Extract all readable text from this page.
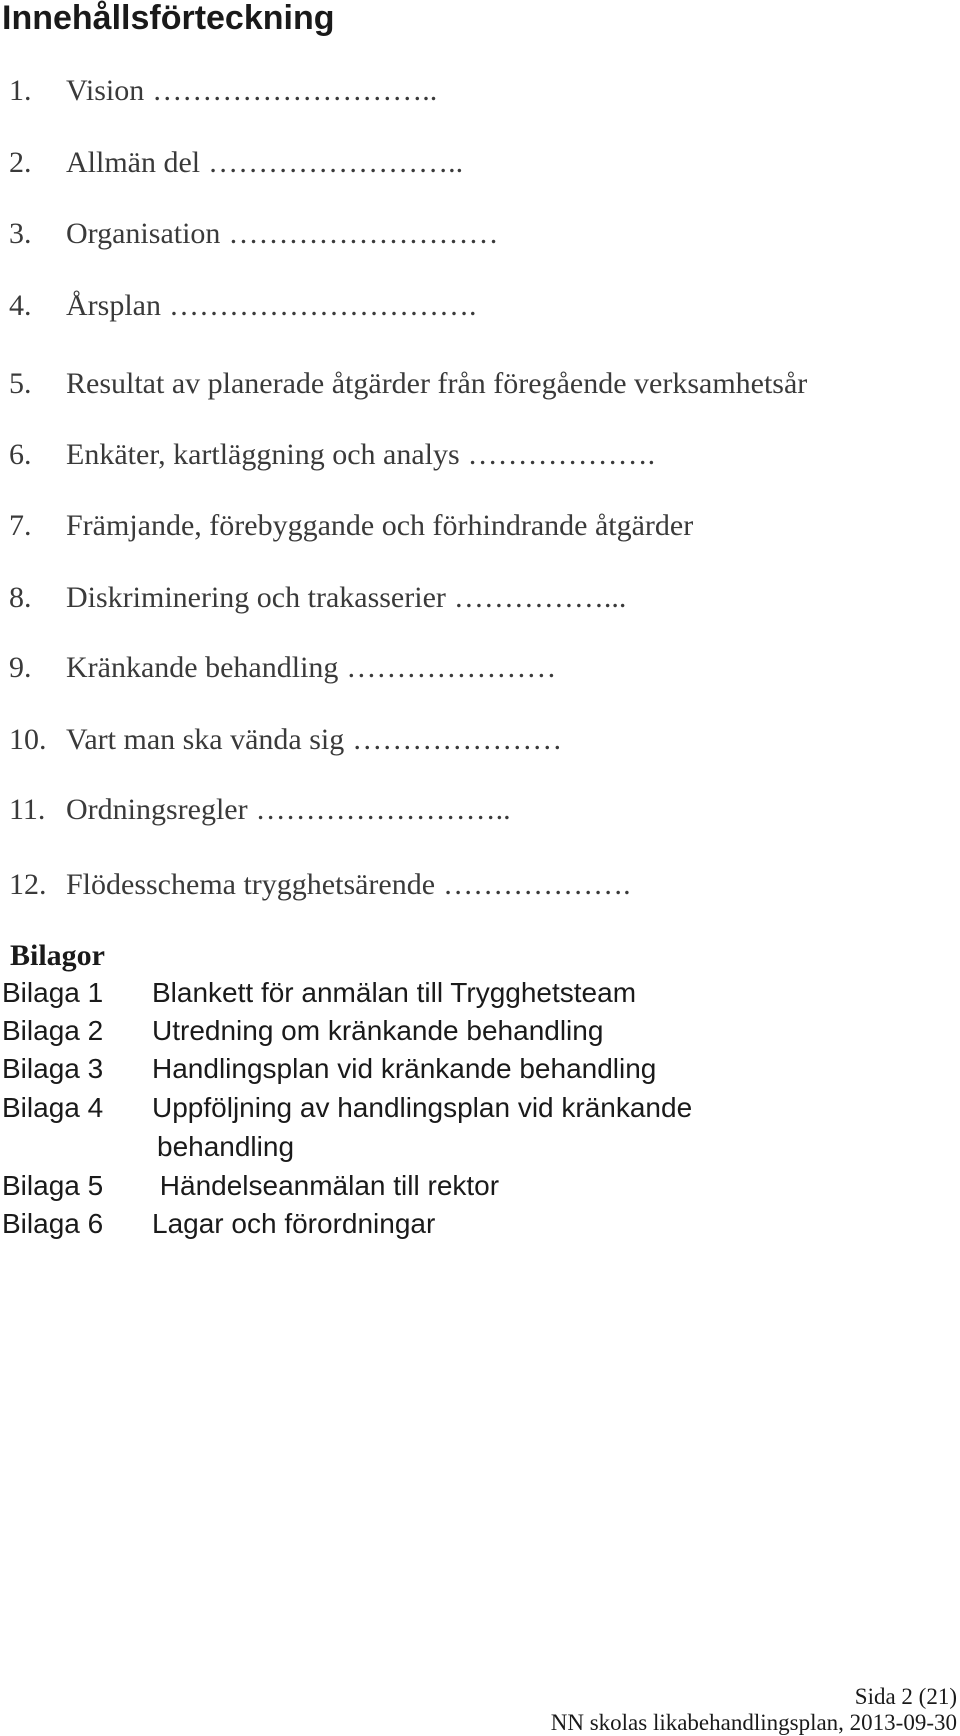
Innehållsförteckning
1. Vision ………………………..
2. Allmän del ……………………..
3. Organisation ………………………
4. Årsplan ………………………….
5. Resultat av planerade åtgärder från föregående verksamhetsår
6. Enkäter, kartläggning och analys ……………….
7. Främjande, förebyggande och förhindrande åtgärder
8. Diskriminering och trakasserier ……………...
9. Kränkande behandling …………………
10. Vart man ska vända sig …………………
11. Ordningsregler ……………………..
12. Flödesschema trygghetsärende ……………….
Bilagor
Bilaga 1 Blankett för anmälan till Trygghetsteam
Bilaga 2 Utredning om kränkande behandling
Bilaga 3 Handlingsplan vid kränkande behandling
Bilaga 4 Uppföljning av handlingsplan vid kränkande
behandling
Bilaga 5 Händelseanmälan till rektor
Bilaga 6 Lagar och förordningar
Sida 2 (21)
NN skolas likabehandlingsplan, 2013-09-30
